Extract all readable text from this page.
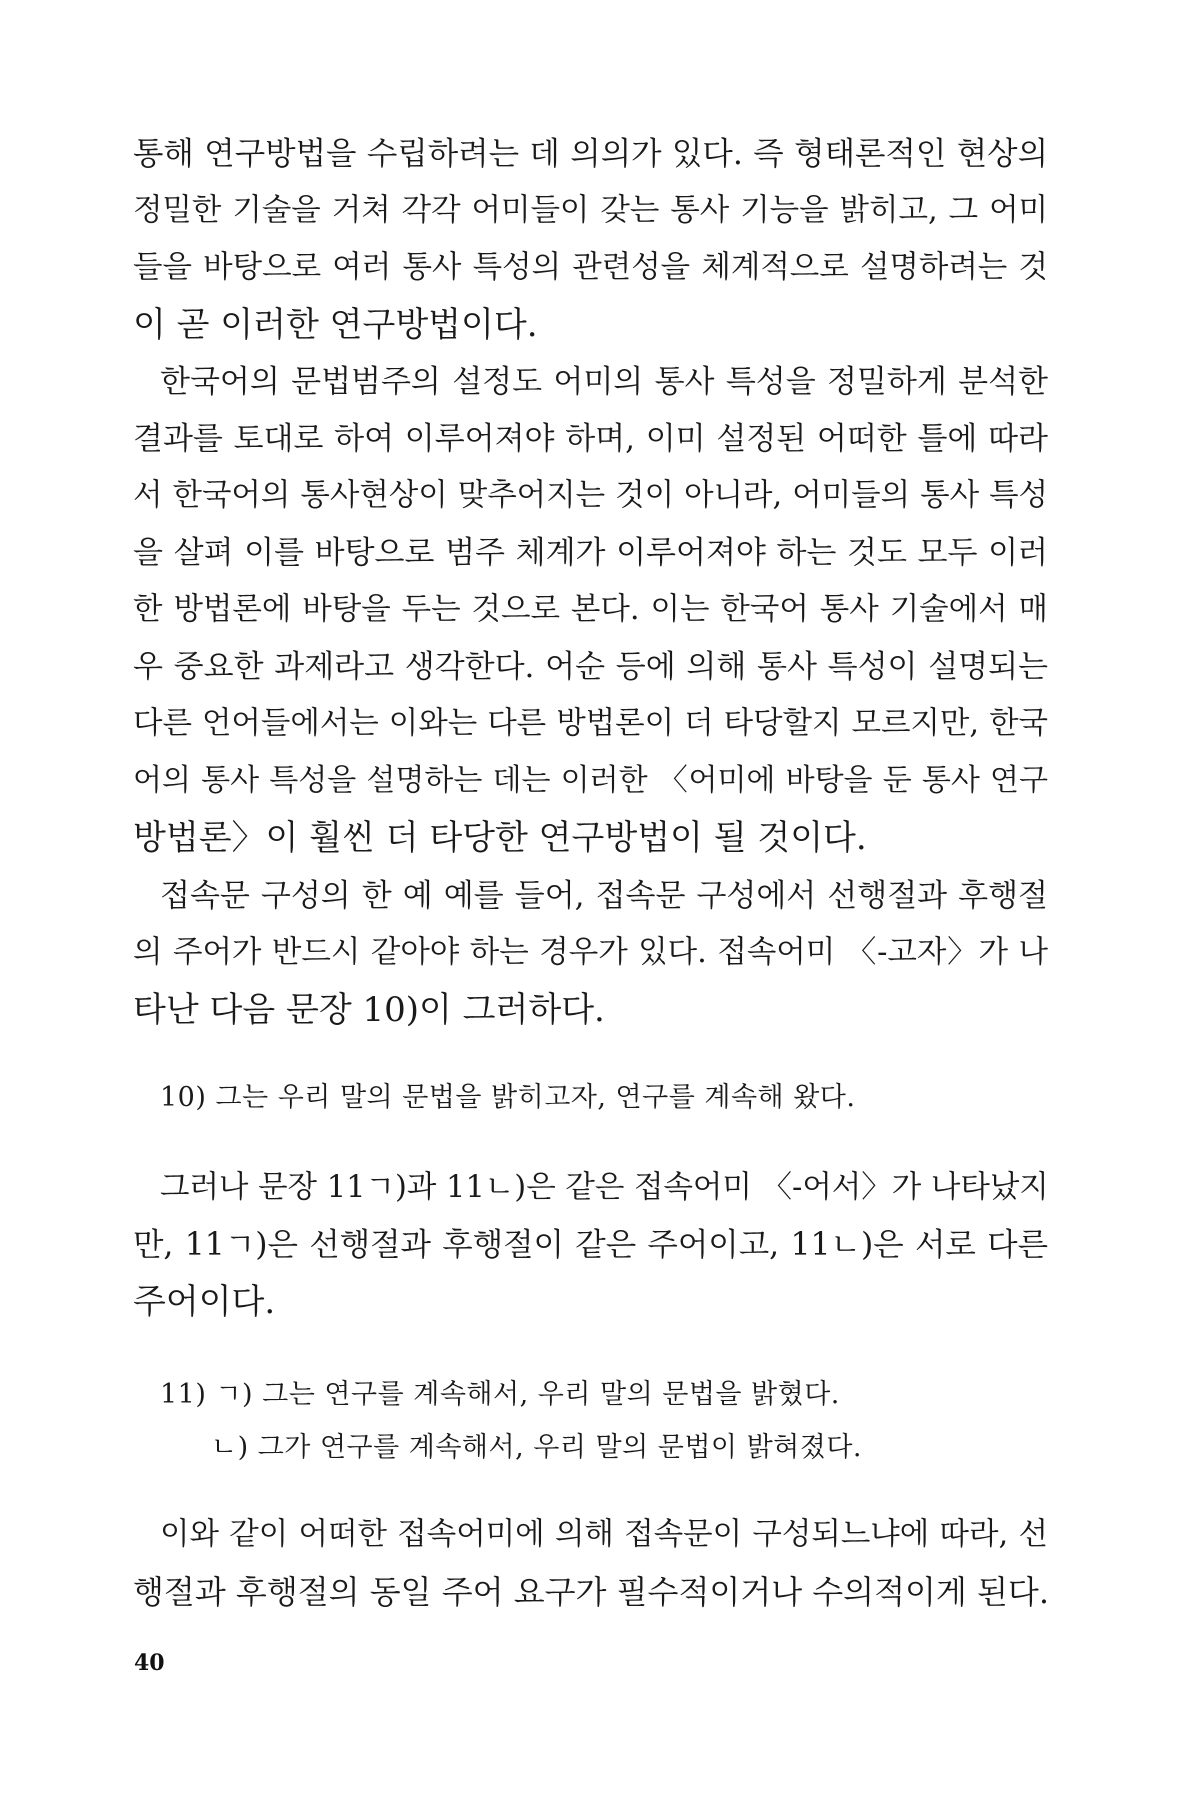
통해 연구방법을 수립하려는 데 의의가 있다. 즉 형태론적인 현상의
정밀한 기술을 거쳐 각각 어미들이 갖는 통사 기능을 밝히고, 그 어미
들을 바탕으로 여러 통사 특성의 관련성을 체계적으로 설명하려는 것
이 곧 이러한 연구방법이다.
한국어의 문법범주의 설정도 어미의 통사 특성을 정밀하게 분석한
결과를 토대로 하여 이루어져야 하며, 이미 설정된 어떠한 틀에 따라
서 한국어의 통사현상이 맞추어지는 것이 아니라, 어미들의 통사 특성
을 살펴 이를 바탕으로 범주 체계가 이루어져야 하는 것도 모두 이러
한 방법론에 바탕을 두는 것으로 본다. 이는 한국어 통사 기술에서 매
우 중요한 과제라고 생각한다. 어순 등에 의해 통사 특성이 설명되는
다른 언어들에서는 이와는 다른 방법론이 더 타당할지 모르지만, 한국
어의 통사 특성을 설명하는 데는 이러한 〈어미에 바탕을 둔 통사 연구
방법론〉이 훨씬 더 타당한 연구방법이 될 것이다.
접속문 구성의 한 예 예를 들어, 접속문 구성에서 선행절과 후행절
의 주어가 반드시 같아야 하는 경우가 있다. 접속어미 〈-고자〉가 나
타난 다음 문장 10)이 그러하다.
10) 그는 우리 말의 문법을 밝히고자, 연구를 계속해 왔다.
그러나 문장 11ㄱ)과 11ㄴ)은 같은 접속어미 〈-어서〉가 나타났지
만, 11ㄱ)은 선행절과 후행절이 같은 주어이고, 11ㄴ)은 서로 다른
주어이다.
11) ㄱ) 그는 연구를 계속해서, 우리 말의 문법을 밝혔다.
ㄴ) 그가 연구를 계속해서, 우리 말의 문법이 밝혀졌다.
이와 같이 어떠한 접속어미에 의해 접속문이 구성되느냐에 따라, 선
행절과 후행절의 동일 주어 요구가 필수적이거나 수의적이게 된다.
40
